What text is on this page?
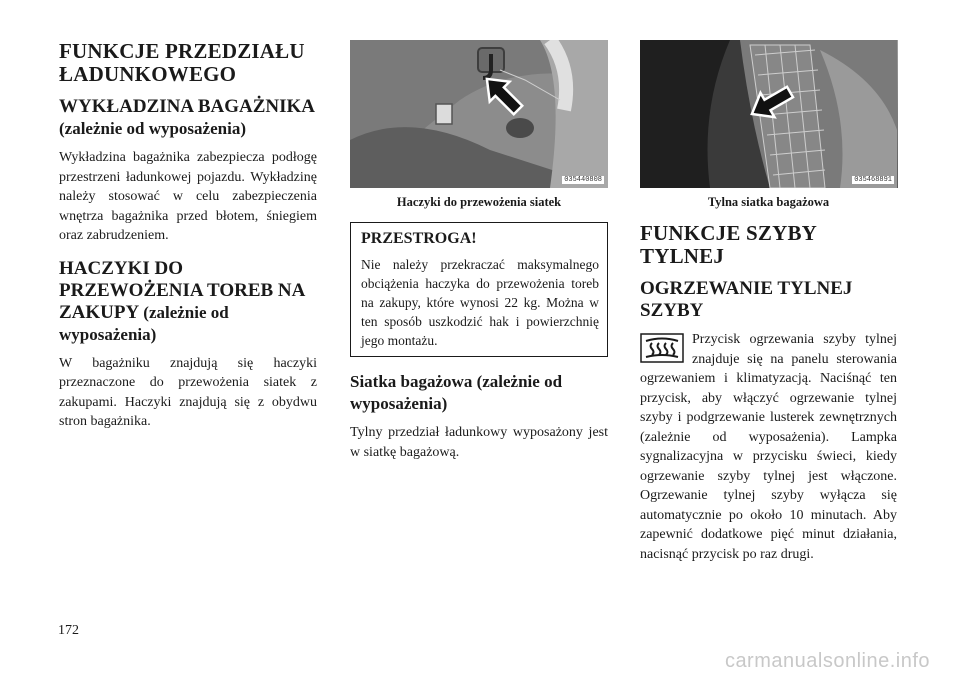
FUNKCJE PRZEDZIAŁU ŁADUNKOWEGO
WYKŁADZINA BAGAŻNIKA (zależnie od wyposażenia)

Wykładzina bagażnika zabezpiecza podłogę przestrzeni ładunkowej pojazdu. Wykładzinę należy stosować w celu zabezpieczenia wnętrza bagażnika przed błotem, śniegiem oraz zabrudzeniem.

HACZYKI DO PRZEWOŻENIA TOREB NA ZAKUPY (zależnie od wyposażenia)

W bagażniku znajdują się haczyki przeznaczone do przewożenia siatek z zakupami. Haczyki znajdują się z obydwu stron bagażnika.

035440808
Haczyki do przewożenia siatek
PRZESTROGA!

Nie należy przekraczać maksymalnego obciążenia haczyka do przewożenia toreb na zakupy, które wynosi 22 kg. Można w ten sposób uszkodzić hak i powierzchnię jego montażu.

Siatka bagażowa (zależnie od wyposażenia)

Tylny przedział ładunkowy wyposażony jest w siatkę bagażową.

035468891
Tylna siatka bagażowa
FUNKCJE SZYBY TYLNEJ
OGRZEWANIE TYLNEJ SZYBY

Przycisk ogrzewania szyby tylnej znajduje się na panelu sterowania ogrzewaniem i klimatyzacją. Naciśnąć ten przycisk, aby włączyć ogrzewanie tylnej szyby i podgrzewanie lusterek zewnętrznych (zależnie od wyposażenia). Lampka sygnalizacyjna w przycisku świeci, kiedy ogrzewanie szyby tylnej jest włączone. Ogrzewanie tylnej szyby wyłącza się automatycznie po około 10 minutach. Aby zapewnić dodatkowe pięć minut działania, nacisnąć przycisk po raz drugi.

172
carmanualsonline.info
